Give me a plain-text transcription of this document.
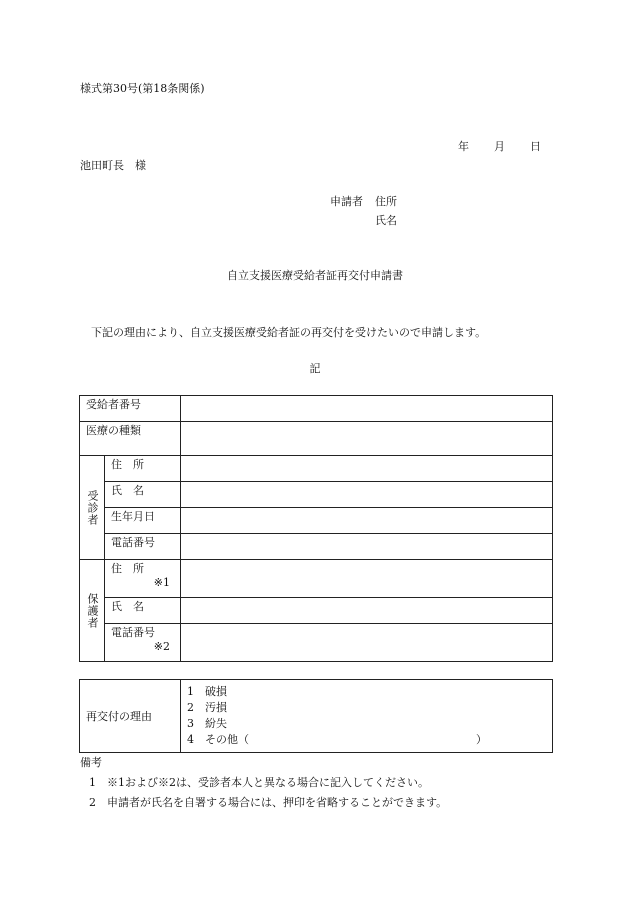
様式第30号(第18条関係)
年 月 日
池田町長　様
申請者 住所
氏名
自立支援医療受給者証再交付申請書
下記の理由により、自立支援医療受給者証の再交付を受けたいので申請します。
記
受給者番号		
医療の種類		
受診者	住　所	
	氏　名	
	生年月日	
	電話番号	
保護者	住　所
※1	

	氏　名	
	電話番号
※2	

再交付の理由	
1　破損
2　汚損
3　紛失
4　その他（	）
備考
1　※1および※2は、受診者本人と異なる場合に記入してください。
2　申請者が氏名を自署する場合には、押印を省略することができます。
